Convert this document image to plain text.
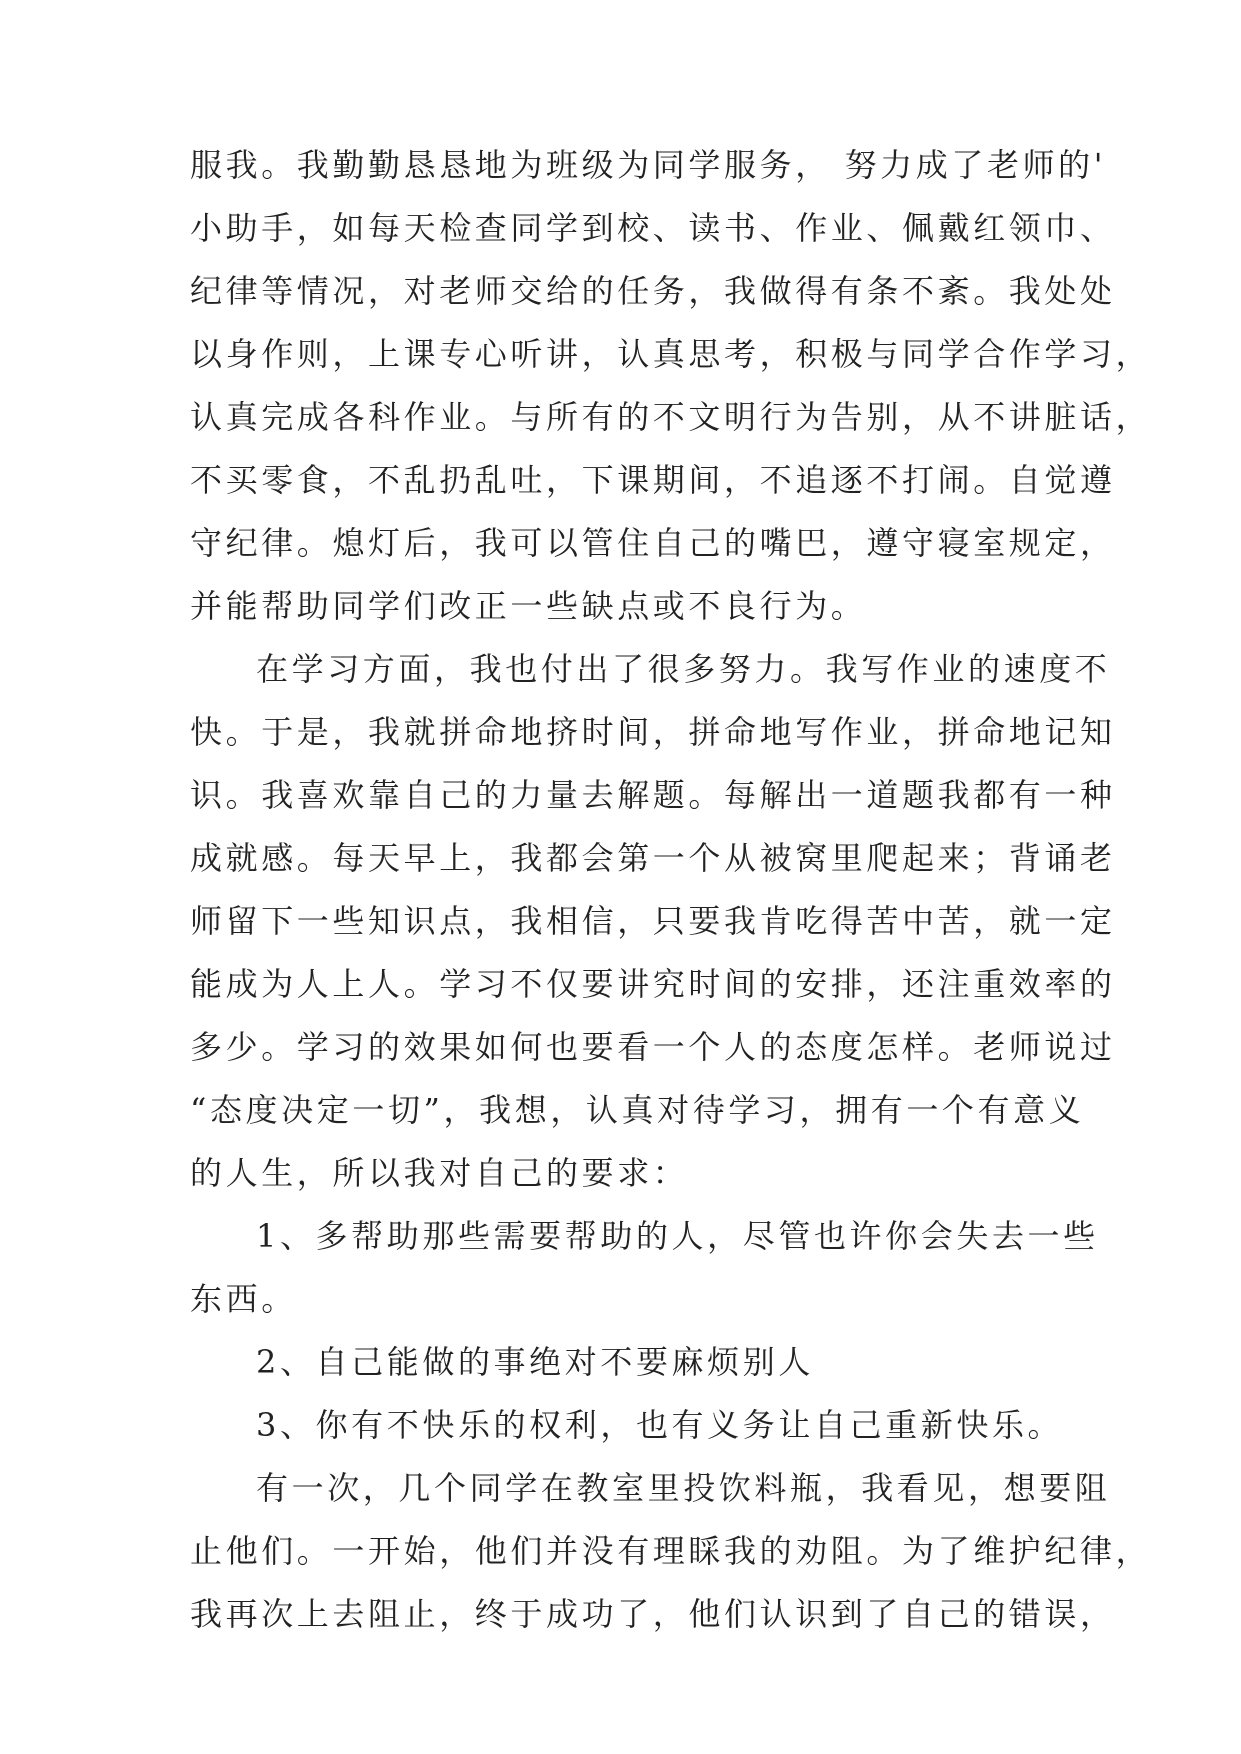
服我。我勤勤恳恳地为班级为同学服务， 努力成了老师的'
小助手，如每天检查同学到校、读书、作业、佩戴红领巾、
纪律等情况，对老师交给的任务，我做得有条不紊。我处处
以身作则，上课专心听讲，认真思考，积极与同学合作学习，
认真完成各科作业。与所有的不文明行为告别，从不讲脏话，
不买零食，不乱扔乱吐，下课期间，不追逐不打闹。自觉遵
守纪律。熄灯后，我可以管住自己的嘴巴，遵守寝室规定，
并能帮助同学们改正一些缺点或不良行为。
在学习方面，我也付出了很多努力。我写作业的速度不
快。于是，我就拼命地挤时间，拼命地写作业，拼命地记知
识。我喜欢靠自己的力量去解题。每解出一道题我都有一种
成就感。每天早上，我都会第一个从被窝里爬起来；背诵老
师留下一些知识点，我相信，只要我肯吃得苦中苦，就一定
能成为人上人。学习不仅要讲究时间的安排，还注重效率的
多少。学习的效果如何也要看一个人的态度怎样。老师说过
“态度决定一切”，我想，认真对待学习，拥有一个有意义
的人生，所以我对自己的要求：
1、多帮助那些需要帮助的人，尽管也许你会失去一些
东西。
2、自己能做的事绝对不要麻烦别人
3、你有不快乐的权利，也有义务让自己重新快乐。
有一次，几个同学在教室里投饮料瓶，我看见，想要阻
止他们。一开始，他们并没有理睬我的劝阻。为了维护纪律，
我再次上去阻止，终于成功了，他们认识到了自己的错误，
